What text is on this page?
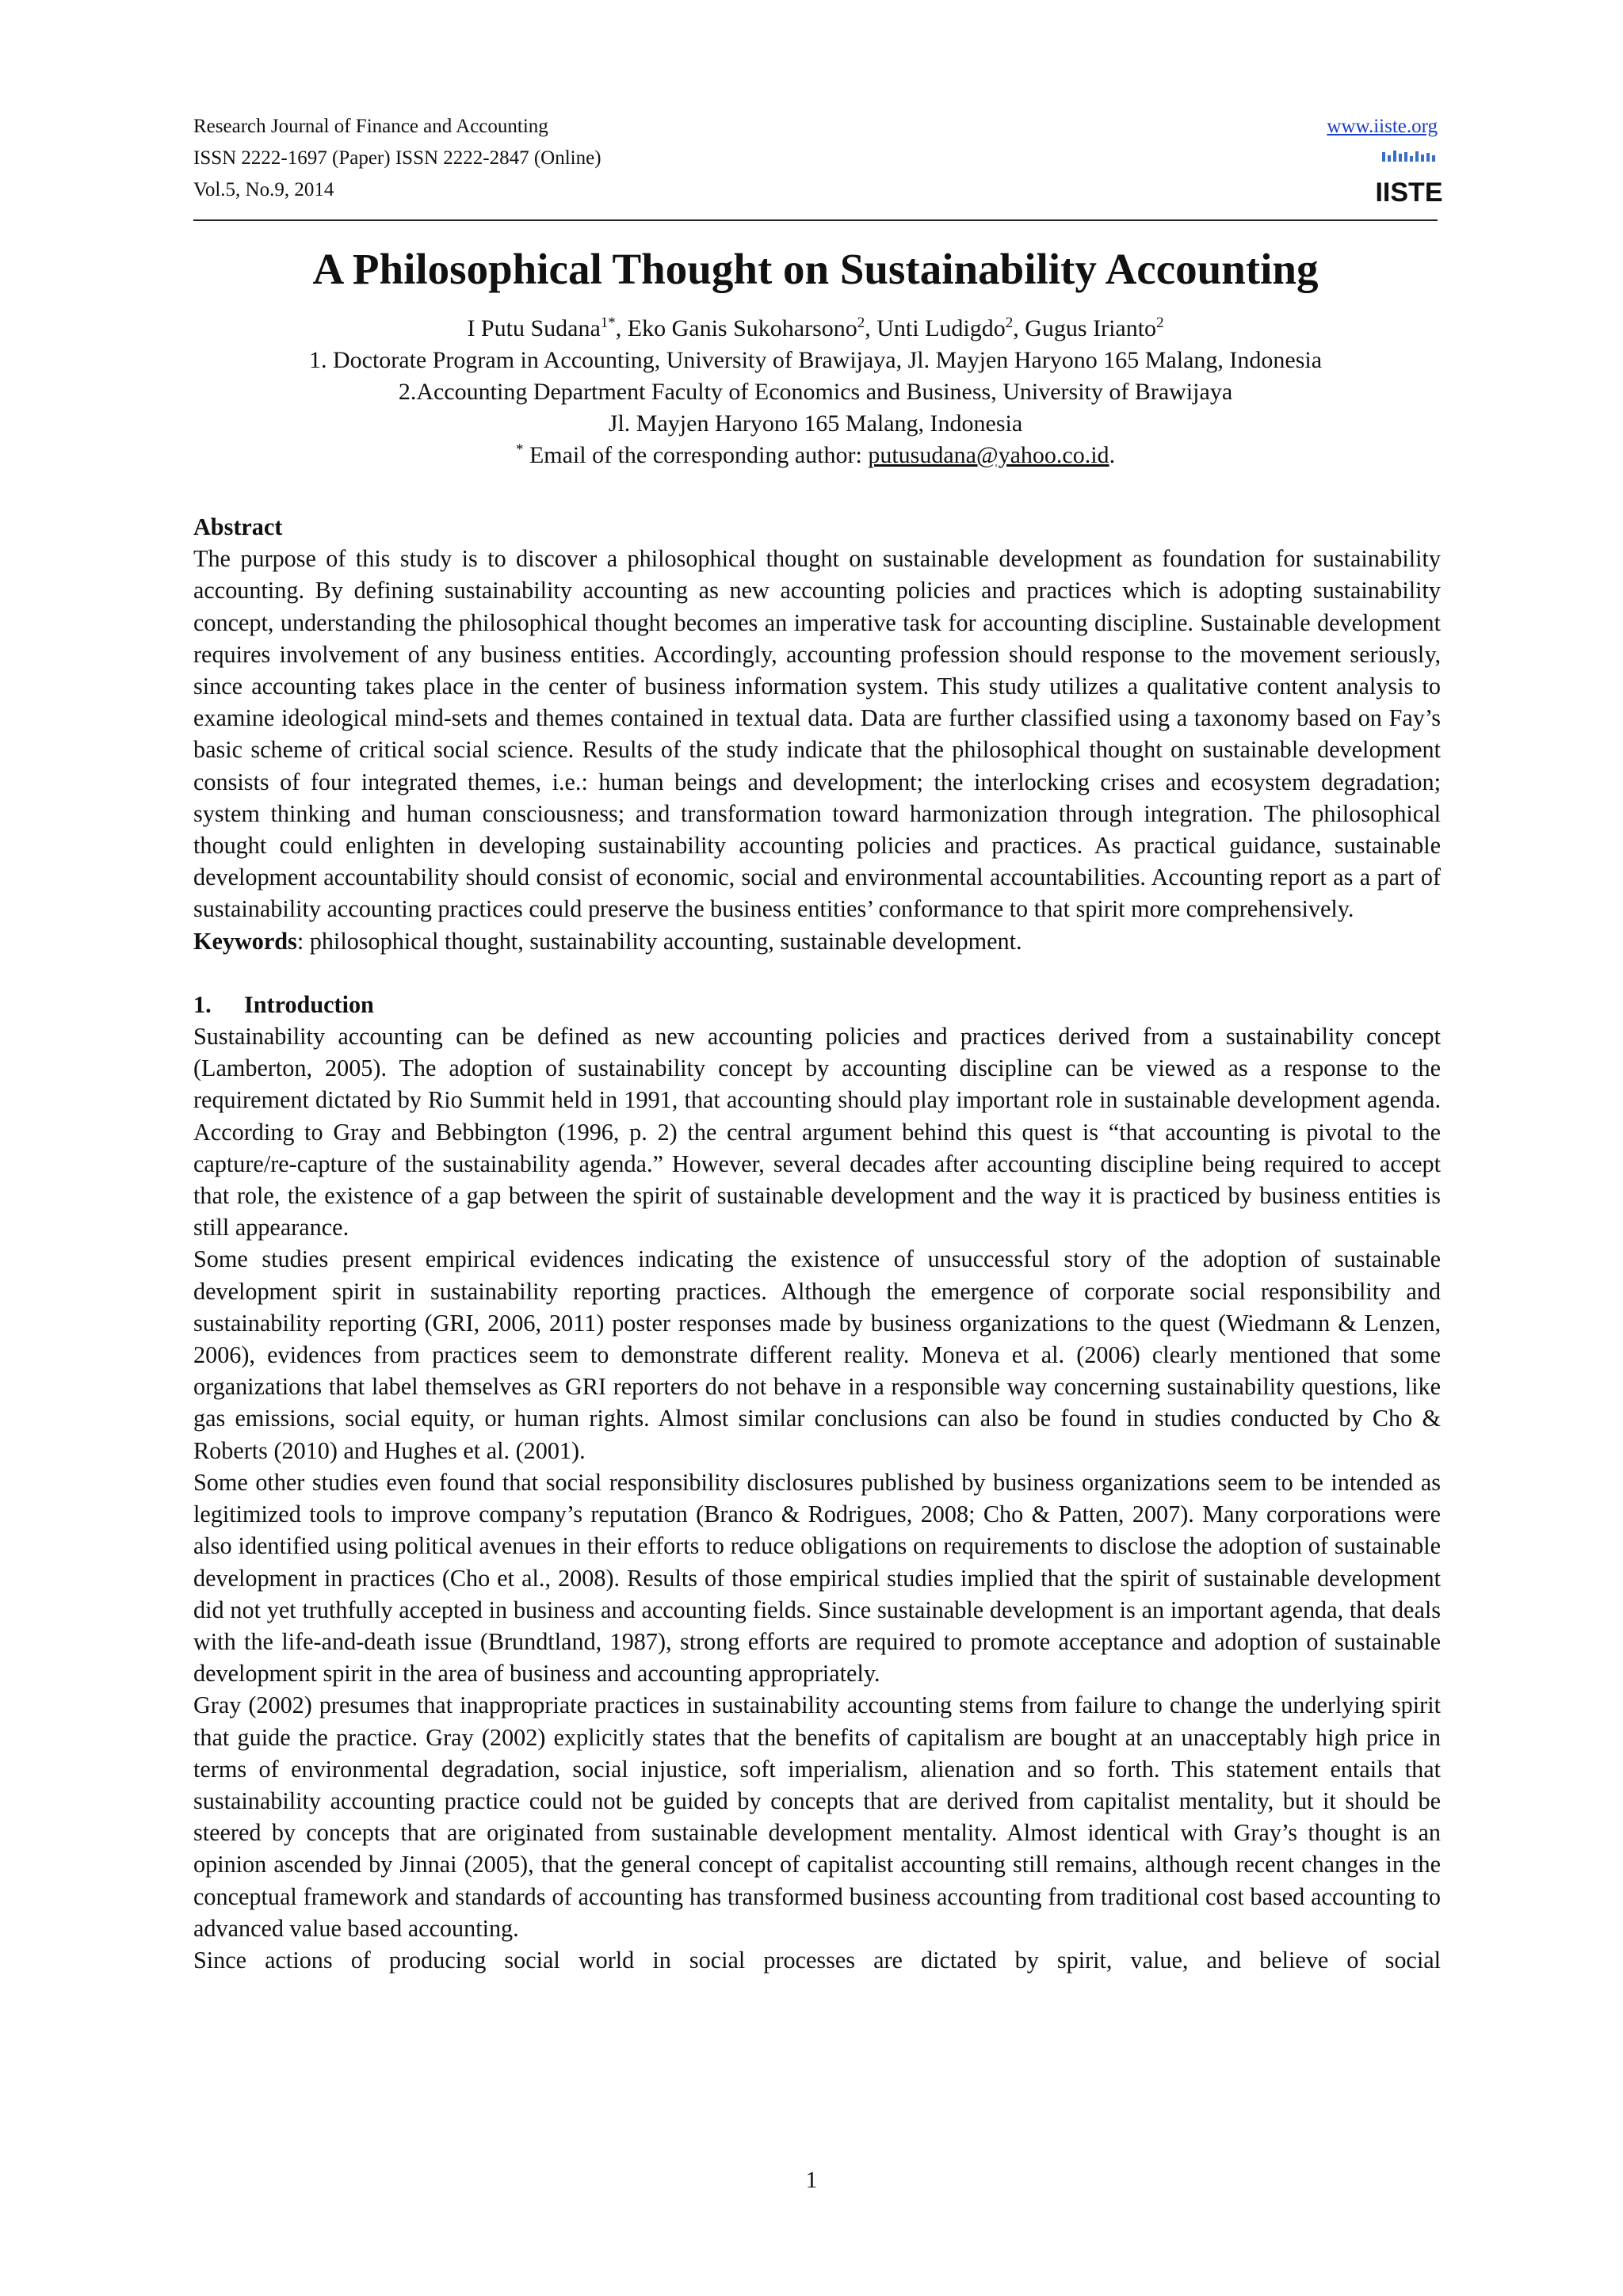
Research Journal of Finance and Accounting
ISSN 2222-1697 (Paper) ISSN 2222-2847 (Online)
Vol.5, No.9, 2014
www.iiste.org
IISTE
A Philosophical Thought on Sustainability Accounting
I Putu Sudana$^{1*}$, Eko Ganis Sukoharsono$^2$, Unti Ludigdo$^2$, Gugus Irianto$^2$
1. Doctorate Program in Accounting, University of Brawijaya, Jl. Mayjen Haryono 165 Malang, Indonesia
2.Accounting Department Faculty of Economics and Business, University of Brawijaya
Jl. Mayjen Haryono 165 Malang, Indonesia
* Email of the corresponding author: putusudana@yahoo.co.id.

Abstract

The purpose of this study is to discover a philosophical thought on sustainable development as foundation for sustainability accounting. By defining sustainability accounting as new accounting policies and practices which is adopting sustainability concept, understanding the philosophical thought becomes an imperative task for accounting discipline. Sustainable development requires involvement of any business entities. Accordingly, accounting profession should response to the movement seriously, since accounting takes place in the center of business information system. This study utilizes a qualitative content analysis to examine ideological mind-sets and themes contained in textual data. Data are further classified using a taxonomy based on Fay’s basic scheme of critical social science. Results of the study indicate that the philosophical thought on sustainable development consists of four integrated themes, i.e.: human beings and development; the interlocking crises and ecosystem degradation; system thinking and human consciousness; and transformation toward harmonization through integration. The philosophical thought could enlighten in developing sustainability accounting policies and practices. As practical guidance, sustainable development accountability should consist of economic, social and environmental accountabilities. Accounting report as a part of sustainability accounting practices could preserve the business entities’ conformance to that spirit more comprehensively.

Keywords: philosophical thought, sustainability accounting, sustainable development.

1. Introduction

Sustainability accounting can be defined as new accounting policies and practices derived from a sustainability concept (Lamberton, 2005). The adoption of sustainability concept by accounting discipline can be viewed as a response to the requirement dictated by Rio Summit held in 1991, that accounting should play important role in sustainable development agenda. According to Gray and Bebbington (1996, p. 2) the central argument behind this quest is “that accounting is pivotal to the capture/re-capture of the sustainability agenda.” However, several decades after accounting discipline being required to accept that role, the existence of a gap between the spirit of sustainable development and the way it is practiced by business entities is still appearance.

Some studies present empirical evidences indicating the existence of unsuccessful story of the adoption of sustainable development spirit in sustainability reporting practices. Although the emergence of corporate social responsibility and sustainability reporting (GRI, 2006, 2011) poster responses made by business organizations to the quest (Wiedmann & Lenzen, 2006), evidences from practices seem to demonstrate different reality. Moneva et al. (2006) clearly mentioned that some organizations that label themselves as GRI reporters do not behave in a responsible way concerning sustainability questions, like gas emissions, social equity, or human rights. Almost similar conclusions can also be found in studies conducted by Cho & Roberts (2010) and Hughes et al. (2001).

Some other studies even found that social responsibility disclosures published by business organizations seem to be intended as legitimized tools to improve company’s reputation (Branco & Rodrigues, 2008; Cho & Patten, 2007). Many corporations were also identified using political avenues in their efforts to reduce obligations on requirements to disclose the adoption of sustainable development in practices (Cho et al., 2008). Results of those empirical studies implied that the spirit of sustainable development did not yet truthfully accepted in business and accounting fields. Since sustainable development is an important agenda, that deals with the life-and-death issue (Brundtland, 1987), strong efforts are required to promote acceptance and adoption of sustainable development spirit in the area of business and accounting appropriately.

Gray (2002) presumes that inappropriate practices in sustainability accounting stems from failure to change the underlying spirit that guide the practice. Gray (2002) explicitly states that the benefits of capitalism are bought at an unacceptably high price in terms of environmental degradation, social injustice, soft imperialism, alienation and so forth. This statement entails that sustainability accounting practice could not be guided by concepts that are derived from capitalist mentality, but it should be steered by concepts that are originated from sustainable development mentality. Almost identical with Gray’s thought is an opinion ascended by Jinnai (2005), that the general concept of capitalist accounting still remains, although recent changes in the conceptual framework and standards of accounting has transformed business accounting from traditional cost based accounting to advanced value based accounting.

Since actions of producing social world in social processes are dictated by spirit, value, and believe of social

1
